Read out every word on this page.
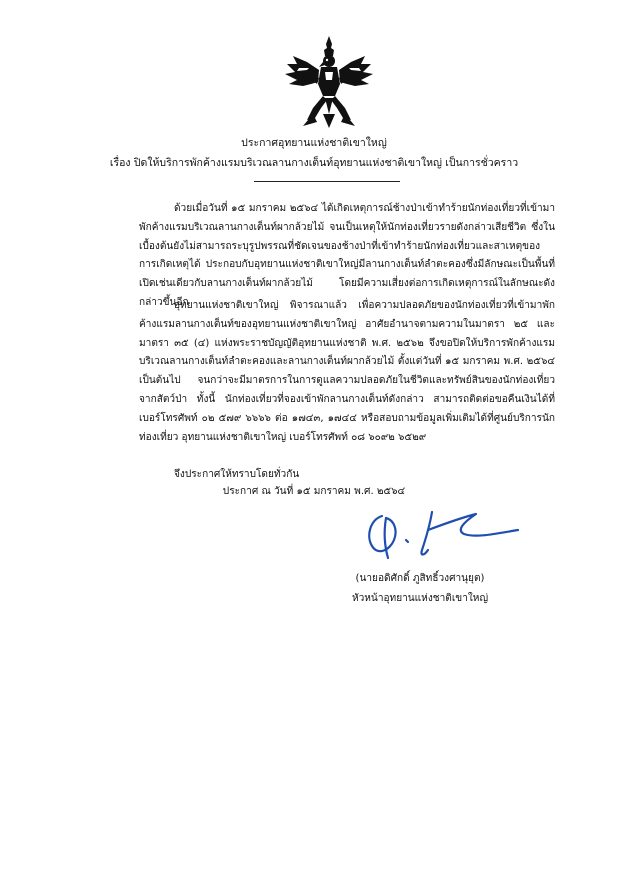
ประกาศอุทยานแห่งชาติเขาใหญ่
เรื่อง ปิดให้บริการพักค้างแรมบริเวณลานกางเต็นท์อุทยานแห่งชาติเขาใหญ่ เป็นการชั่วคราว

ด้วยเมื่อวันที่ ๑๕ มกราคม ๒๕๖๔ ได้เกิดเหตุการณ์ช้างป่าเข้าทำร้ายนักท่องเที่ยวที่เข้ามาพักค้างแรมบริเวณลานกางเต็นท์ผากล้วยไม้ จนเป็นเหตุให้นักท่องเที่ยวรายดังกล่าวเสียชีวิต ซึ่งในเบื้องต้นยังไม่สามารถระบุรูปพรรณที่ชัดเจนของช้างป่าที่เข้าทำร้ายนักท่องเที่ยวและสาเหตุของการเกิดเหตุได้ ประกอบกับอุทยานแห่งชาติเขาใหญ่มีลานกางเต็นท์ลำตะคองซึ่งมีลักษณะเป็นพื้นที่เปิดเช่นเดียวกับลานกางเต็นท์ผากล้วยไม้ โดยมีความเสี่ยงต่อการเกิดเหตุการณ์ในลักษณะดังกล่าวขึ้นอีก

อุทยานแห่งชาติเขาใหญ่ พิจารณาแล้ว เพื่อความปลอดภัยของนักท่องเที่ยวที่เข้ามาพักค้างแรมลานกางเต็นท์ของอุทยานแห่งชาติเขาใหญ่ อาศัยอำนาจตามความในมาตรา ๒๕ และมาตรา ๓๕ (๔) แห่งพระราชบัญญัติอุทยานแห่งชาติ พ.ศ. ๒๕๖๒ จึงขอปิดให้บริการพักค้างแรมบริเวณลานกางเต็นท์ลำตะคองและลานกางเต็นท์ผากล้วยไม้ ตั้งแต่วันที่ ๑๕ มกราคม พ.ศ. ๒๕๖๔ เป็นต้นไป จนกว่าจะมีมาตรการในการดูแลความปลอดภัยในชีวิตและทรัพย์สินของนักท่องเที่ยวจากสัตว์ป่า ทั้งนี้ นักท่องเที่ยวที่จองเข้าพักลานกางเต็นท์ดังกล่าว สามารถติดต่อขอคืนเงินได้ที่เบอร์โทรศัพท์ ๐๒ ๕๗๙ ๖๖๖๖ ต่อ ๑๗๔๓, ๑๗๔๔ หรือสอบถามข้อมูลเพิ่มเติมได้ที่ศูนย์บริการนักท่องเที่ยว อุทยานแห่งชาติเขาใหญ่ เบอร์โทรศัพท์ ๐๘ ๖๐๙๒ ๖๕๒๙

จึงประกาศให้ทราบโดยทั่วกัน

ประกาศ ณ วันที่ ๑๕ มกราคม พ.ศ. ๒๕๖๔
(นายอดิศักดิ์ ภูสิทธิ์วงศานุยุต)
หัวหน้าอุทยานแห่งชาติเขาใหญ่
